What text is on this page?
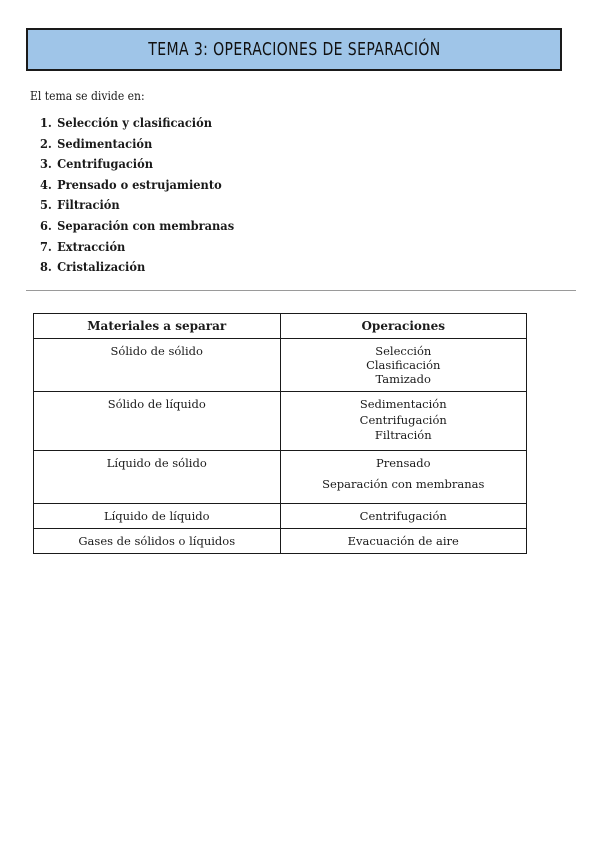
TEMA 3: OPERACIONES DE SEPARACIÓN
El tema se divide en:
1. Selección y clasificación
2. Sedimentación
3. Centrifugación
4. Prensado o estrujamiento
5. Filtración
6. Separación con membranas
7. Extracción
8. Cristalización
Materiales a separar	Operaciones

Sólido de sólido	Selección
Clasificación
Tamizado

Sólido de líquido	Sedimentación
Centrifugación
Filtración

Líquido de sólido	Prensado
Separación con membranas

Líquido de líquido	Centrifugación

Gases de sólidos o líquidos	Evacuación de aire
